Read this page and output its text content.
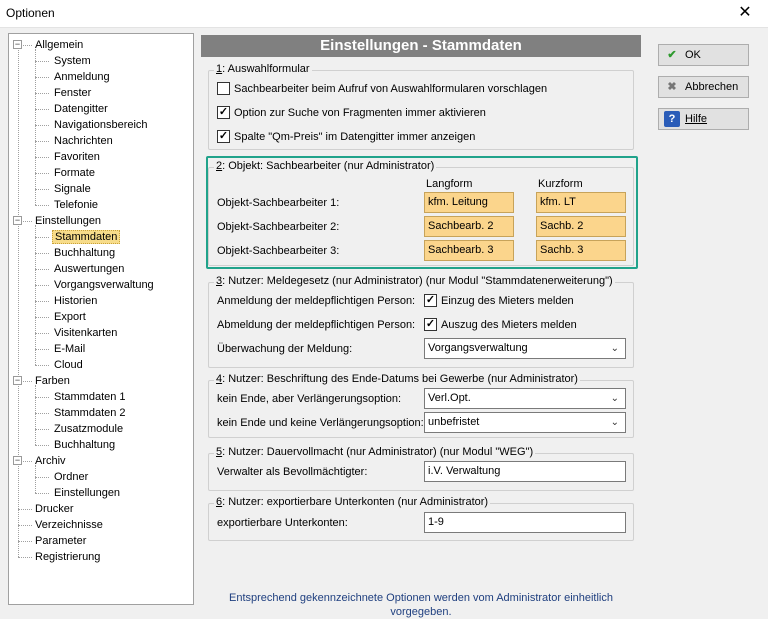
Optionen	✕
− Allgemein
System
Anmeldung
Fenster
Datengitter
Navigationsbereich
Nachrichten
Favoriten
Formate
Signale
Telefonie
− Einstellungen
Stammdaten
Buchhaltung
Auswertungen
Vorgangsverwaltung
Historien
Export
Visitenkarten
E-Mail
Cloud
− Farben
Stammdaten 1
Stammdaten 2
Zusatzmodule
Buchhaltung
− Archiv
Ordner
Einstellungen
Drucker
Verzeichnisse
Parameter
Registrierung
Einstellungen - Stammdaten
1: Auswahlformular
Sachbearbeiter beim Aufruf von Auswahlformularen vorschlagen
✓ Option zur Suche von Fragmenten immer aktivieren
✓ Spalte "Qm-Preis" im Datengitter immer anzeigen
2: Objekt: Sachbearbeiter (nur Administrator)
Langform	Kurzform
Objekt-Sachbearbeiter 1:	kfm. Leitung	kfm. LT
Objekt-Sachbearbeiter 2:	Sachbearb. 2	Sachb. 2
Objekt-Sachbearbeiter 3:	Sachbearb. 3	Sachb. 3
3: Nutzer: Meldegesetz (nur Administrator) (nur Modul "Stammdatenerweiterung")
Anmeldung der meldepflichtigen Person: ✓ Einzug des Mieters melden
Abmeldung der meldepflichtigen Person: ✓ Auszug des Mieters melden
Überwachung der Meldung:	Vorgangsverwaltung	⌄
4: Nutzer: Beschriftung des Ende-Datums bei Gewerbe (nur Administrator)
kein Ende, aber Verlängerungsoption:	Verl.Opt.	⌄
kein Ende und keine Verlängerungsoption: unbefristet	⌄
5: Nutzer: Dauervollmacht (nur Administrator) (nur Modul "WEG")
Verwalter als Bevollmächtigter:	i.V. Verwaltung
6: Nutzer: exportierbare Unterkonten (nur Administrator)
exportierbare Unterkonten:	1-9
✔ OK
✖ Abbrechen
? Hilfe
Entsprechend gekennzeichnete Optionen werden vom Administrator einheitlich vorgegeben.
